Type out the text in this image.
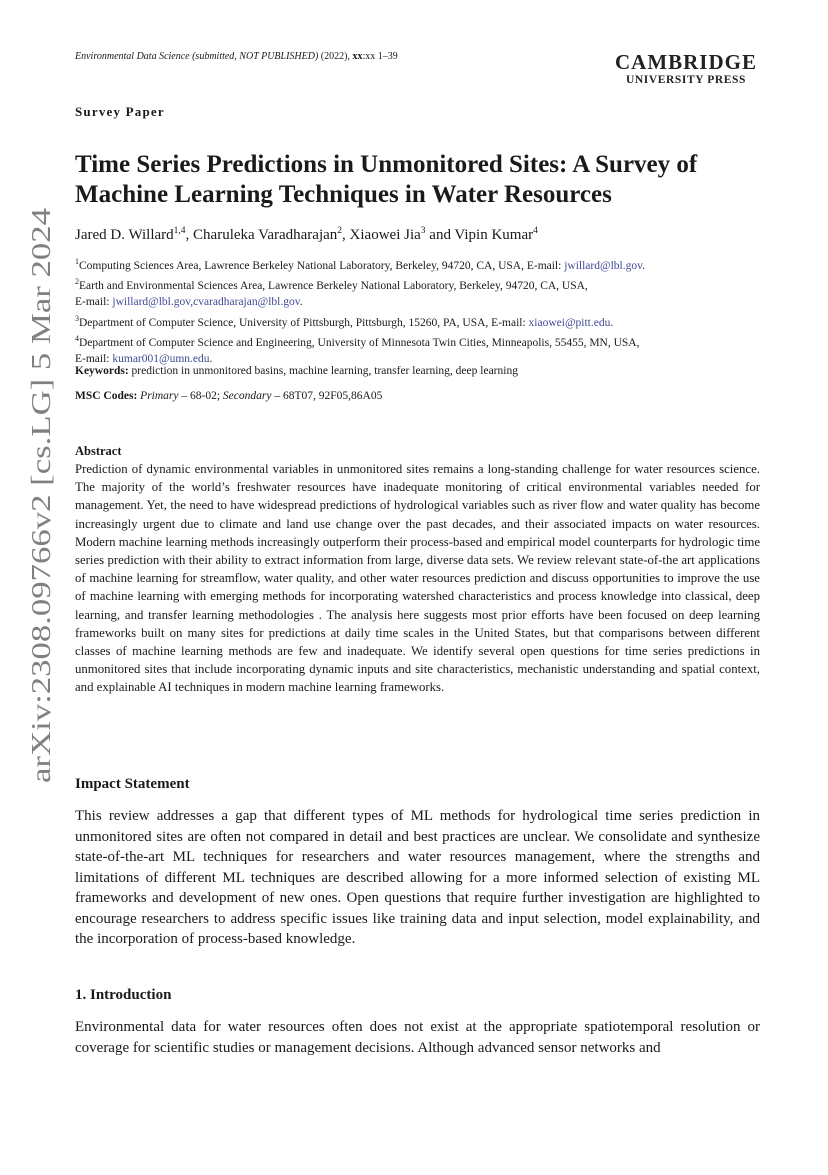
Environmental Data Science (submitted, NOT PUBLISHED) (2022), xx:xx 1–39	CAMBRIDGE
UNIVERSITY PRESS
arXiv:2308.09766v2 [cs.LG] 5 Mar 2024
Survey Paper
Time Series Predictions in Unmonitored Sites: A Survey of Machine Learning Techniques in Water Resources
Jared D. Willard$^{1,4}$, Charuleka Varadharajan$^2$, Xiaowei Jia$^3$ and Vipin Kumar$^4$
$^1$Computing Sciences Area, Lawrence Berkeley National Laboratory, Berkeley, 94720, CA, USA, E-mail: jwillard@lbl.gov.
$^2$Earth and Environmental Sciences Area, Lawrence Berkeley National Laboratory, Berkeley, 94720, CA, USA,
E-mail: jwillard@lbl.gov,cvaradharajan@lbl.gov.
$^3$Department of Computer Science, University of Pittsburgh, Pittsburgh, 15260, PA, USA, E-mail: xiaowei@pitt.edu.
$^4$Department of Computer Science and Engineering, University of Minnesota Twin Cities, Minneapolis, 55455, MN, USA,
E-mail: kumar001@umn.edu.
Keywords: prediction in unmonitored basins, machine learning, transfer learning, deep learning
MSC Codes: Primary – 68-02; Secondary – 68T07, 92F05,86A05
Abstract

Prediction of dynamic environmental variables in unmonitored sites remains a long-standing challenge for water resources science. The majority of the world’s freshwater resources have inadequate monitoring of critical environmental variables needed for management. Yet, the need to have widespread predictions of hydrological variables such as river flow and water quality has become increasingly urgent due to climate and land use change over the past decades, and their associated impacts on water resources. Modern machine learning methods increasingly outperform their process-based and empirical model counterparts for hydrologic time series prediction with their ability to extract information from large, diverse data sets. We review relevant state-of-the art applications of machine learning for streamflow, water quality, and other water resources prediction and discuss opportunities to improve the use of machine learning with emerging methods for incorporating watershed characteristics and process knowledge into classical, deep learning, and transfer learning methodologies . The analysis here suggests most prior efforts have been focused on deep learning frameworks built on many sites for predictions at daily time scales in the United States, but that comparisons between different classes of machine learning methods are few and inadequate. We identify several open questions for time series predictions in unmonitored sites that include incorporating dynamic inputs and site characteristics, mechanistic understanding and spatial context, and explainable AI techniques in modern machine learning frameworks.

Impact Statement

This review addresses a gap that different types of ML methods for hydrological time series prediction in unmonitored sites are often not compared in detail and best practices are unclear. We consolidate and synthesize state-of-the-art ML techniques for researchers and water resources management, where the strengths and limitations of different ML techniques are described allowing for a more informed selection of existing ML frameworks and development of new ones. Open questions that require further investigation are highlighted to encourage researchers to address specific issues like training data and input selection, model explainability, and the incorporation of process-based knowledge.

1. Introduction

Environmental data for water resources often does not exist at the appropriate spatiotemporal resolution or coverage for scientific studies or management decisions. Although advanced sensor networks and
